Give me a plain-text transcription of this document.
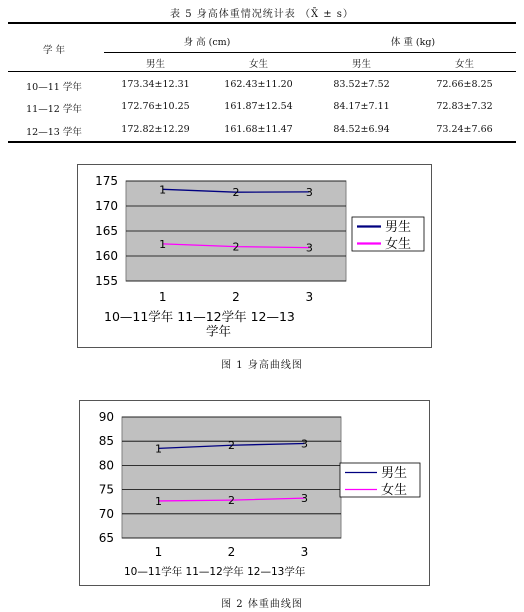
表 5 身高体重情况统计表 （X̄ ± s）
学 年
身 高 (cm)	体 重 (kg)
男生	女生	男生	女生
10—11 学年	173.34±12.31	162.43±11.20	83.52±7.52	72.66±8.25
11—12 学年	172.76±10.25	161.87±12.54	84.17±7.11	72.83±7.32
12—13 学年	172.82±12.29	161.68±11.47	84.52±6.94	73.24±7.66
155
160
165
170
175
1	2	3
10—11学年 11—12学年 12—13
学年
1	2	3
1	2	3
男生
女生
图 1 身高曲线图
65
70
75
80
85
90
1	2	3
10—11学年 11—12学年 12—13学年
1	2	3
1	2	3
男生
女生
图 2 体重曲线图
